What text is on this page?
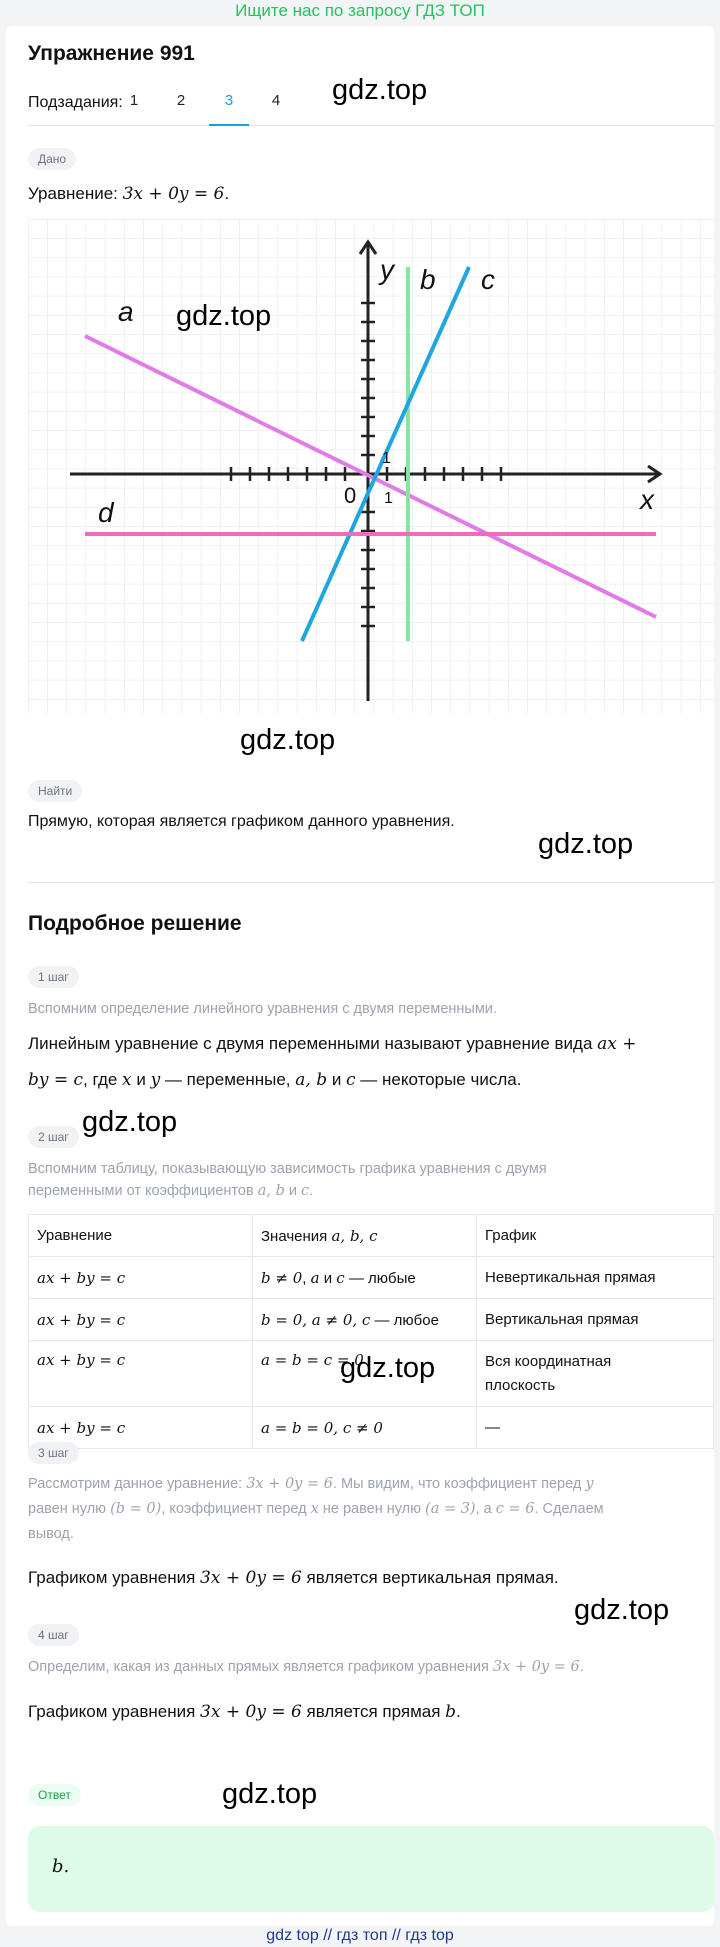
Ищите нас по запросу ГДЗ ТОП
Упражнение 991
Подзадания: 1	2	3	4	gdz.top
Дано
Уравнение: 3x + 0y = 6.
a
b c
d	x
y
0 1
1
gdz.top
gdz.top
Найти
Прямую, которая является графиком данного уравнения.
gdz.top
Подробное решение
1 шаг
Вспомним определение линейного уравнения с двумя переменными.
Линейным уравнение с двумя переменными называют уравнение вида ax +
by = c, где x и y — переменные, a, b и c — некоторые числа.
2 шаг gdz.top
Вспомним таблицу, показывающую зависимость графика уравнения с двумя
переменными от коэффициентов a, b и c.
Уравнение	Значения a, b, c	График
ax + by = c	b ≠ 0, a и c — любые	Невертикальная прямая
ax + by = c	b = 0, a ≠ 0, c — любое	Вертикальная прямая
ax + by = c	a = b = c = 0	Вся координатная
плоскость
ax + by = c	a = b = 0, c ≠ 0	—
gdz.top
3 шаг
Рассмотрим данное уравнение: 3x + 0y = 6. Мы видим, что коэффициент перед y
равен нулю (b = 0), коэффициент перед x не равен нулю (a = 3), а c = 6. Сделаем
вывод.
Графиком уравнения 3x + 0y = 6 является вертикальная прямая.
gdz.top
4 шаг
Определим, какая из данных прямых является графиком уравнения 3x + 0y = 6.
Графиком уравнения 3x + 0y = 6 является прямая b.
Ответ	gdz.top
b.
gdz top // гдз топ // гдз top
